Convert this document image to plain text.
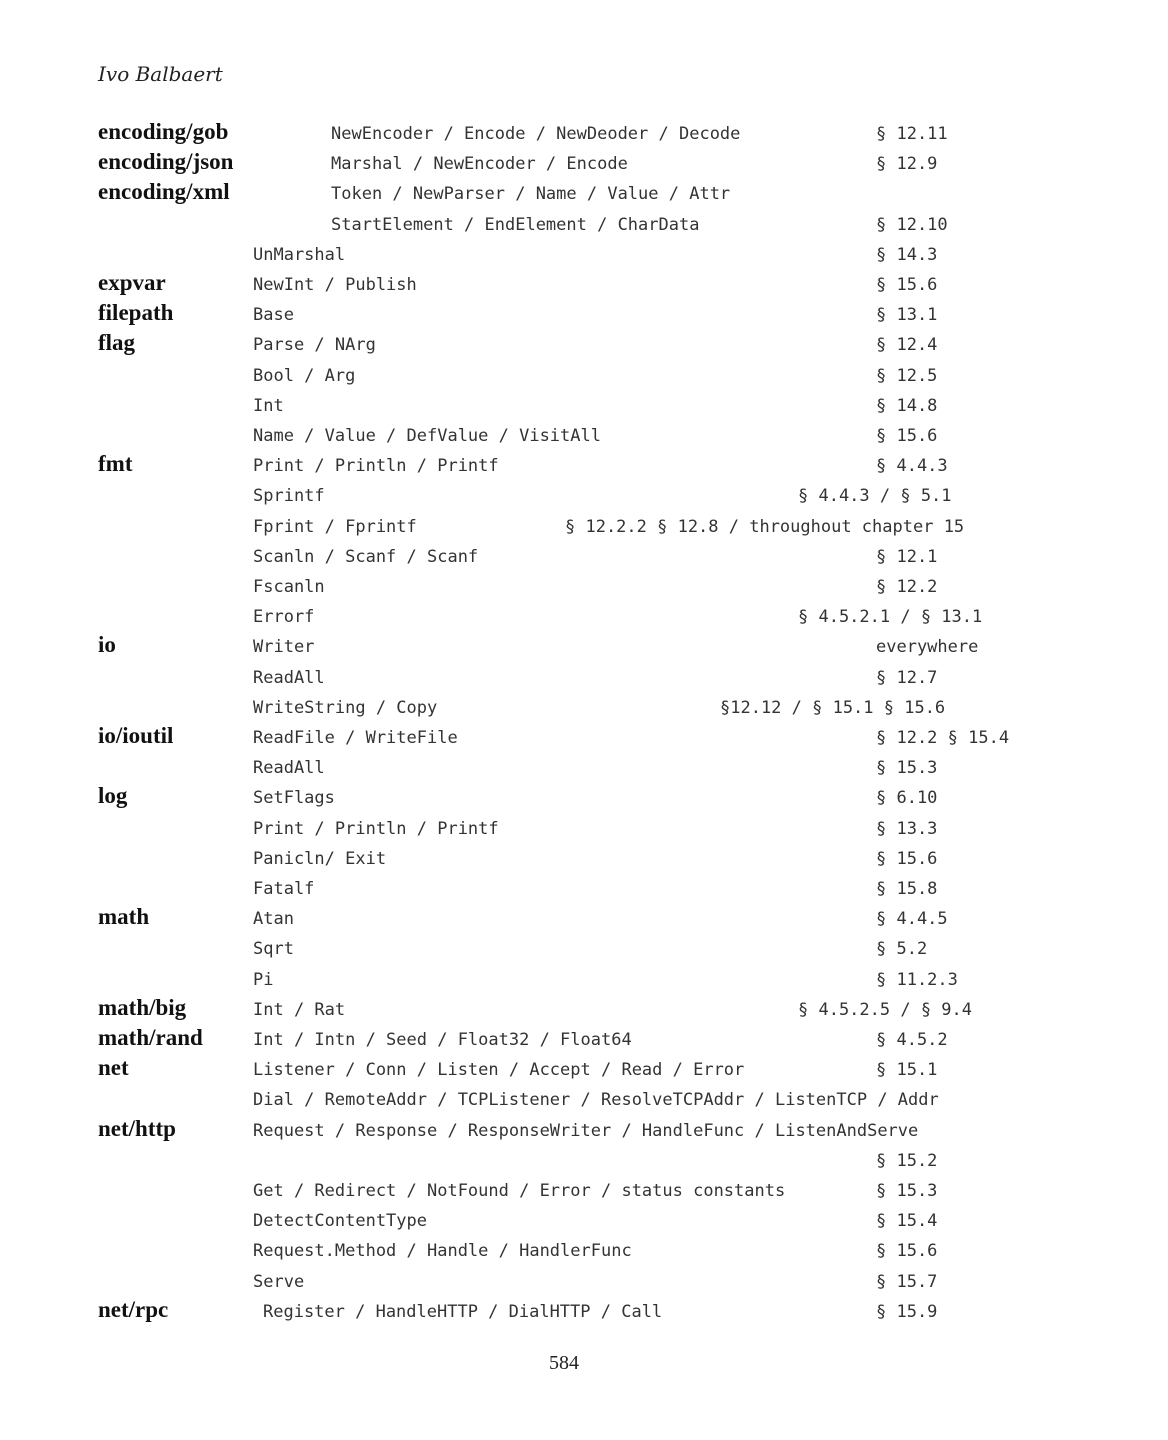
Ivo Balbaert
encoding/gob	NewEncoder / Encode / NewDeoder / Decode	§ 12.11
encoding/json	Marshal / NewEncoder / Encode	§ 12.9
encoding/xml	Token / NewParser / Name / Value / Attr
StartElement / EndElement / CharData	§ 12.10
UnMarshal	§ 14.3
expvar	NewInt / Publish	§ 15.6
filepath	Base	§ 13.1
flag	Parse / NArg	§ 12.4
Bool / Arg	§ 12.5
Int	§ 14.8
Name / Value / DefValue / VisitAll	§ 15.6
fmt	Print / Println / Printf	§ 4.4.3
Sprintf	§ 4.4.3 / § 5.1
Fprint / Fprintf	§ 12.2.2 § 12.8 / throughout chapter 15
Scanln / Scanf / Scanf	§ 12.1
Fscanln	§ 12.2
Errorf	§ 4.5.2.1 / § 13.1
io	Writer	everywhere
ReadAll	§ 12.7
WriteString / Copy	§12.12 / § 15.1 § 15.6
io/ioutil	ReadFile / WriteFile	§ 12.2 § 15.4
ReadAll	§ 15.3
log	SetFlags	§ 6.10
Print / Println / Printf	§ 13.3
Panicln/ Exit	§ 15.6
Fatalf	§ 15.8
math	Atan	§ 4.4.5
Sqrt	§ 5.2
Pi	§ 11.2.3
math/big	Int / Rat	§ 4.5.2.5 / § 9.4
math/rand	Int / Intn / Seed / Float32 / Float64	§ 4.5.2
net	Listener / Conn / Listen / Accept / Read / Error	§ 15.1
Dial / RemoteAddr / TCPListener / ResolveTCPAddr / ListenTCP / Addr
net/http	Request / Response / ResponseWriter / HandleFunc / ListenAndServe
§ 15.2
Get / Redirect / NotFound / Error / status constants	§ 15.3
DetectContentType	§ 15.4
Request.Method / Handle / HandlerFunc	§ 15.6
Serve	§ 15.7
net/rpc	Register / HandleHTTP / DialHTTP / Call	§ 15.9
584
